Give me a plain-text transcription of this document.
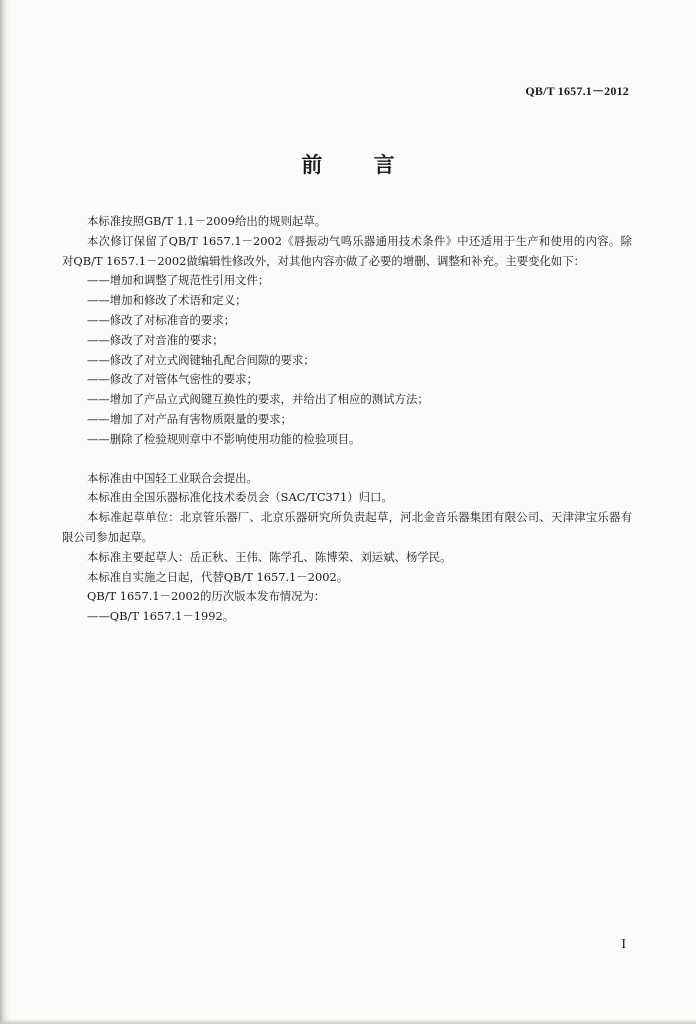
QB/T 1657.1－2012
前 言

本标准按照GB/T 1.1－2009给出的规则起草。

本次修订保留了QB/T 1657.1－2002《唇振动气鸣乐器通用技术条件》中还适用于生产和使用的内容。除对QB/T 1657.1－2002做编辑性修改外，对其他内容亦做了必要的增删、调整和补充。主要变化如下：

——增加和调整了规范性引用文件；
——增加和修改了术语和定义；
——修改了对标准音的要求；
——修改了对音准的要求；
——修改了对立式阀键轴孔配合间隙的要求；
——修改了对管体气密性的要求；
——增加了产品立式阀键互换性的要求，并给出了相应的测试方法；
——增加了对产品有害物质限量的要求；
——删除了检验规则章中不影响使用功能的检验项目。

本标准由中国轻工业联合会提出。

本标准由全国乐器标准化技术委员会（SAC/TC371）归口。

本标准起草单位：北京管乐器厂、北京乐器研究所负责起草，河北金音乐器集团有限公司、天津津宝乐器有限公司参加起草。

本标准主要起草人：岳正秋、王伟、陈学孔、陈博荣、刘运斌、杨学民。

本标准自实施之日起，代替QB/T 1657.1－2002。

QB/T 1657.1－2002的历次版本发布情况为：

——QB/T 1657.1－1992。
I
